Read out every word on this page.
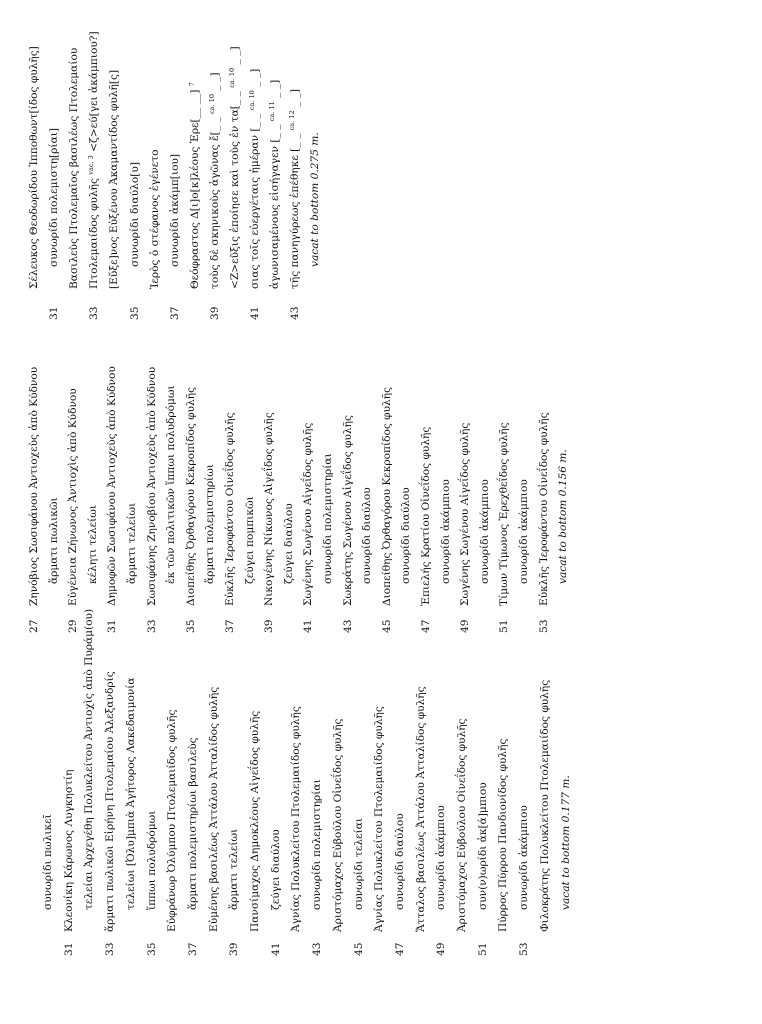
συνωρίδι πωλικεῖ
31
Κλεονίκη Κάρωνος Λυγκηστίη τελείαι Ἀρχεγέθη Πολυκλείτου Ἀντιοχὶς ἀπὸ Πυράμ(ου)
33
ἅρματι πωλικῶι Εἰρήνη Πτολεμαίου Ἀλεξανδρίς τελείωι [Ὀλυ]μπιὰ Ἀγήτορος Λακεδαιμονία
35
ἵππωι πολυδρόμωι Εὐφράνωρ Ὀλύμπου Πτολεμαιίδος φυλῆς
37
ἅρματι πολεμιστηρίωι βασιλεὺς Εὐμένης βασιλέως Ἀττάλου Ἀτταλίδος φυλῆς
39
ἅρματι τελείωι Πανσίμαχος Δημοκλέους Αἰγεΐδος φυλῆς
41
ζεύγει διαύλου Ἀγνίας Πολυκλείτου Πτολεμαιίδος φυλῆς
43
συνωρίδι πολεμιστηρίαι Ἀριστόμαχος Εὐβούλου Οἰνεΐδος φυλῆς
45
συνωρίδι τελείαι Ἀγνίας Πολυκλείτου Πτολεμαιίδος φυλῆς
47
συνωρίδι διαύλου Ἄτταλος βασιλέως Ἀττάλου Ἀτταλίδος φυλῆς
49
συνωρίδι ἀκάμπιου Ἀριστόμαχος Εὐβούλου Οἰνεΐδος φυλῆς
51
συν(ν)ωρίδι ἀκ[ά]μπιου Πύρρος Πύρρου Πανδιονίδος φυλῆς
53
συνωρίδι ἀκάμπιου Φιλοκράτης Πολυκλείτου Πτολεμαιίδος φυλῆς vacat to bottom 0.177 m.
27
Ζηνόβιος Σωσιφάνου Ἀντιοχεὺς ἀπὸ Κύδνου ἅρματι πωλικῶι
29
Εὐγένεια Ζήνωνος Ἀντιοχὶς ἀπὸ Κύδνου κέλητι τελείωι
31
Δημοφῶν Σωσιφάνου Ἀντιοχεὺς ἀπὸ Κύδνου ἅρματι τελείωι
33
Σωσιφάνης Ζηνοβίου Ἀντιοχεὺς ἀπὸ Κύδνου ἐκ τῶν πολιτικῶν ἵππωι πολυδρόμωι
35
Διοπείθης Ὀρθαγόρου Κεκροπίδος φυλῆς ἅρματι πολεμιστηρίωι
37
Εὐκλῆς Ἱεροφάντου Οἰνεΐδος φυλῆς ζεύγει πομπικῶι
39
Νικογένης Νίκωνος Αἰγεΐδος φυλῆς ζεύγει διαύλου
41
Σωγένης Σωγένου Αἰγεΐδος φυλῆς συνωρίδι πολεμιστηρίαι
43
Σωκράτης Σωγένου Αἰγεΐδος φυλῆς συνωρίδι διαύλου
45
Διοπείθης Ὀρθαγόρου Κεκροπίδος φυλῆς συνωρίδι διαύλου
47
Ἐπιελής Κρατίου Οἰνεΐδος φυλῆς συνωρίδι ἀκάμπιου
49
Σωγένης Σωγένου Αἰγεΐδος φυλῆς συνωρίδι ἀκάμπιου
51
Τίμων Τίμωνος Ἐρεχθεΐδος φυλῆς συνωρίδι ἀκάμπιου
53
Εὐκλῆς Ἱεροφάντου Οἰνεΐδος φυλῆς vacat to bottom 0.156 m.
Σέλευκος Θεοδωρίδου Ἱπποθωντ[ίδος φυλῆς]
31
συνωρίδι πολεμιστη[ρίαι] Βασιλεὺς Πτολεμαῖος βασιλέως Πτολεμαίου
33
Πτολεμαιίδος φυλῆς $^{vac. 3}$ <ζ>εύ[γει ἀκάμπιου?] [Εὔξε]νος Εὐξένου Ἀκαμαντίδος φυλῆ[ς]
35
συνωρίδι διαύλο[υ] Ἱερὸς ὁ στέφανος ἐγένετο
37
συνωρίδι ἀκάμπ[ιου] Θεόφραστος Δ[ι]ο[κ]λέους Ἐρε[__ __] $^7$
39
τοὺς δὲ σκηνικοὺς ἀγῶνας ἔ[_ _ $^{ca. 10}$ _ _]
<Ζ>εῦξις ἐποίησε καὶ τοὺς ἐν τα[_ _ $^{ca. 10}$ _ _]
41
σιας τοῖς εὐεργέταις ἡμέραν [_ _ $^{ca. 10}$ _ _]
ἀγωνισαμένους εἰσήγαγεν [_ _ $^{ca. 11}$ _ _]
43
τῆς πανηγύρεως ἐπέθηκε [_ _ $^{ca. 12}$ _ _]
vacat to bottom 0.275 m.
